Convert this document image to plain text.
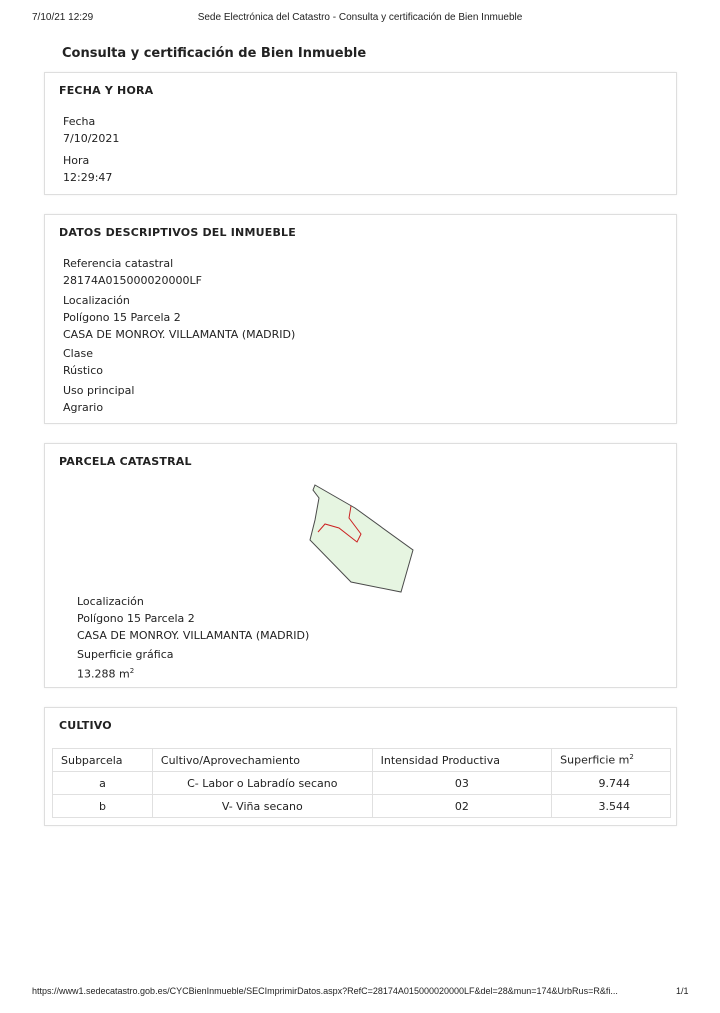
7/10/21 12:29	Sede Electrónica del Catastro - Consulta y certificación de Bien Inmueble
Consulta y certificación de Bien Inmueble
FECHA Y HORA
Fecha
7/10/2021
Hora
12:29:47
DATOS DESCRIPTIVOS DEL INMUEBLE
Referencia catastral
28174A015000020000LF
Localización
Polígono 15 Parcela 2
CASA DE MONROY. VILLAMANTA (MADRID)
Clase
Rústico
Uso principal
Agrario
PARCELA CATASTRAL
Localización
Polígono 15 Parcela 2
CASA DE MONROY. VILLAMANTA (MADRID)
Superficie gráfica
13.288 $m^2$
CULTIVO
Subparcela	Cultivo/Aprovechamiento	Intensidad Productiva	Superficie $m^2$
a	C- Labor o Labradío secano	03	9.744
b	V- Viña secano	02	3.544
https://www1.sedecatastro.gob.es/CYCBienInmueble/SECImprimirDatos.aspx?RefC=28174A015000020000LF&del=28&mun=174&UrbRus=R&fi...	1/1
